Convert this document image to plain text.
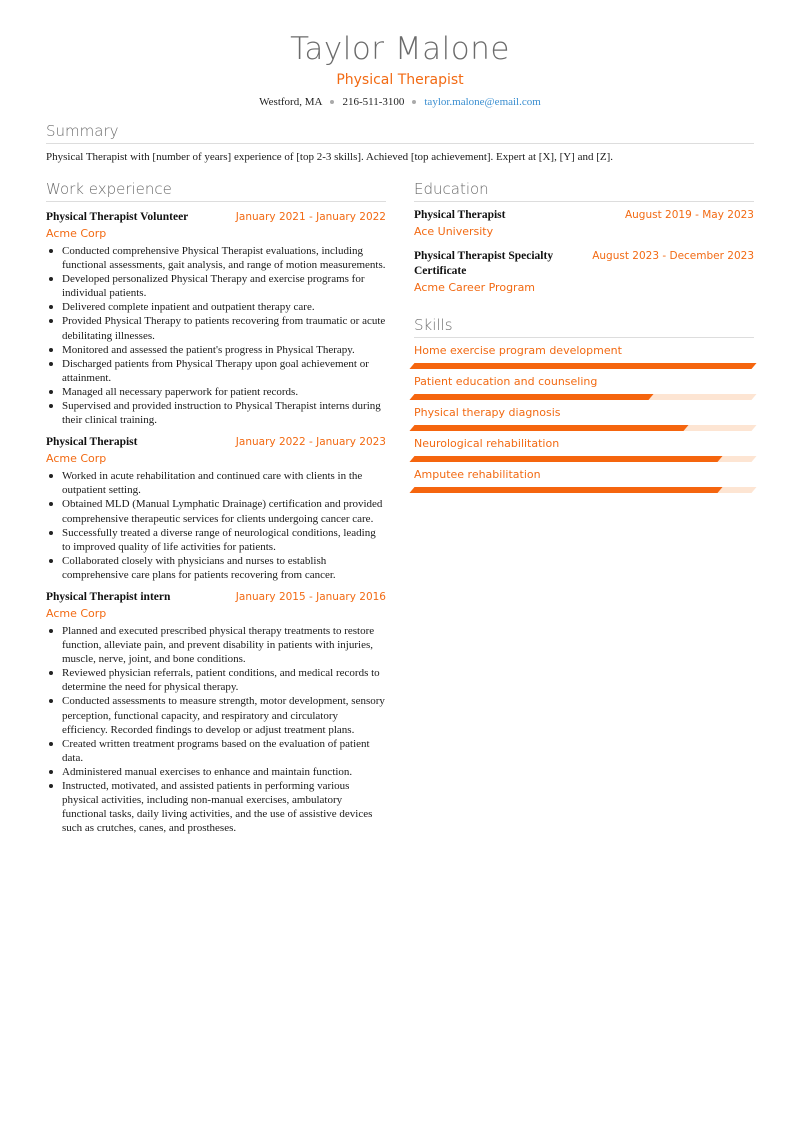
Taylor Malone
Physical Therapist
Westford, MA 216-511-3100 taylor.malone@email.com
Summary

Physical Therapist with [number of years] experience of [top 2-3 skills]. Achieved [top achievement]. Expert at [X], [Y] and [Z].

Work experience
Physical Therapist Volunteer	January 2021 - January 2022
Acme Corp
Conducted comprehensive Physical Therapist evaluations, including functional assessments, gait analysis, and range of motion measurements.
Developed personalized Physical Therapy and exercise programs for individual patients.
Delivered complete inpatient and outpatient therapy care.
Provided Physical Therapy to patients recovering from traumatic or acute debilitating illnesses.
Monitored and assessed the patient's progress in Physical Therapy.
Discharged patients from Physical Therapy upon goal achievement or attainment.
Managed all necessary paperwork for patient records.
Supervised and provided instruction to Physical Therapist interns during their clinical training.
Physical Therapist	January 2022 - January 2023
Acme Corp
Worked in acute rehabilitation and continued care with clients in the outpatient setting.
Obtained MLD (Manual Lymphatic Drainage) certification and provided comprehensive therapeutic services for clients undergoing cancer care.
Successfully treated a diverse range of neurological conditions, leading to improved quality of life activities for patients.
Collaborated closely with physicians and nurses to establish comprehensive care plans for patients recovering from cancer.
Physical Therapist intern	January 2015 - January 2016
Acme Corp
Planned and executed prescribed physical therapy treatments to restore function, alleviate pain, and prevent disability in patients with injuries, muscle, nerve, joint, and bone conditions.
Reviewed physician referrals, patient conditions, and medical records to determine the need for physical therapy.
Conducted assessments to measure strength, motor development, sensory perception, functional capacity, and respiratory and circulatory efficiency. Recorded findings to develop or adjust treatment plans.
Created written treatment programs based on the evaluation of patient data.
Administered manual exercises to enhance and maintain function.
Instructed, motivated, and assisted patients in performing various physical activities, including non-manual exercises, ambulatory functional tasks, daily living activities, and the use of assistive devices such as crutches, canes, and prostheses.
Education
Physical Therapist	August 2019 - May 2023
Ace University
Physical Therapist Specialty Certificate
August 2023 - December 2023
Acme Career Program
Skills
Home exercise program development
Patient education and counseling
Physical therapy diagnosis
Neurological rehabilitation
Amputee rehabilitation
